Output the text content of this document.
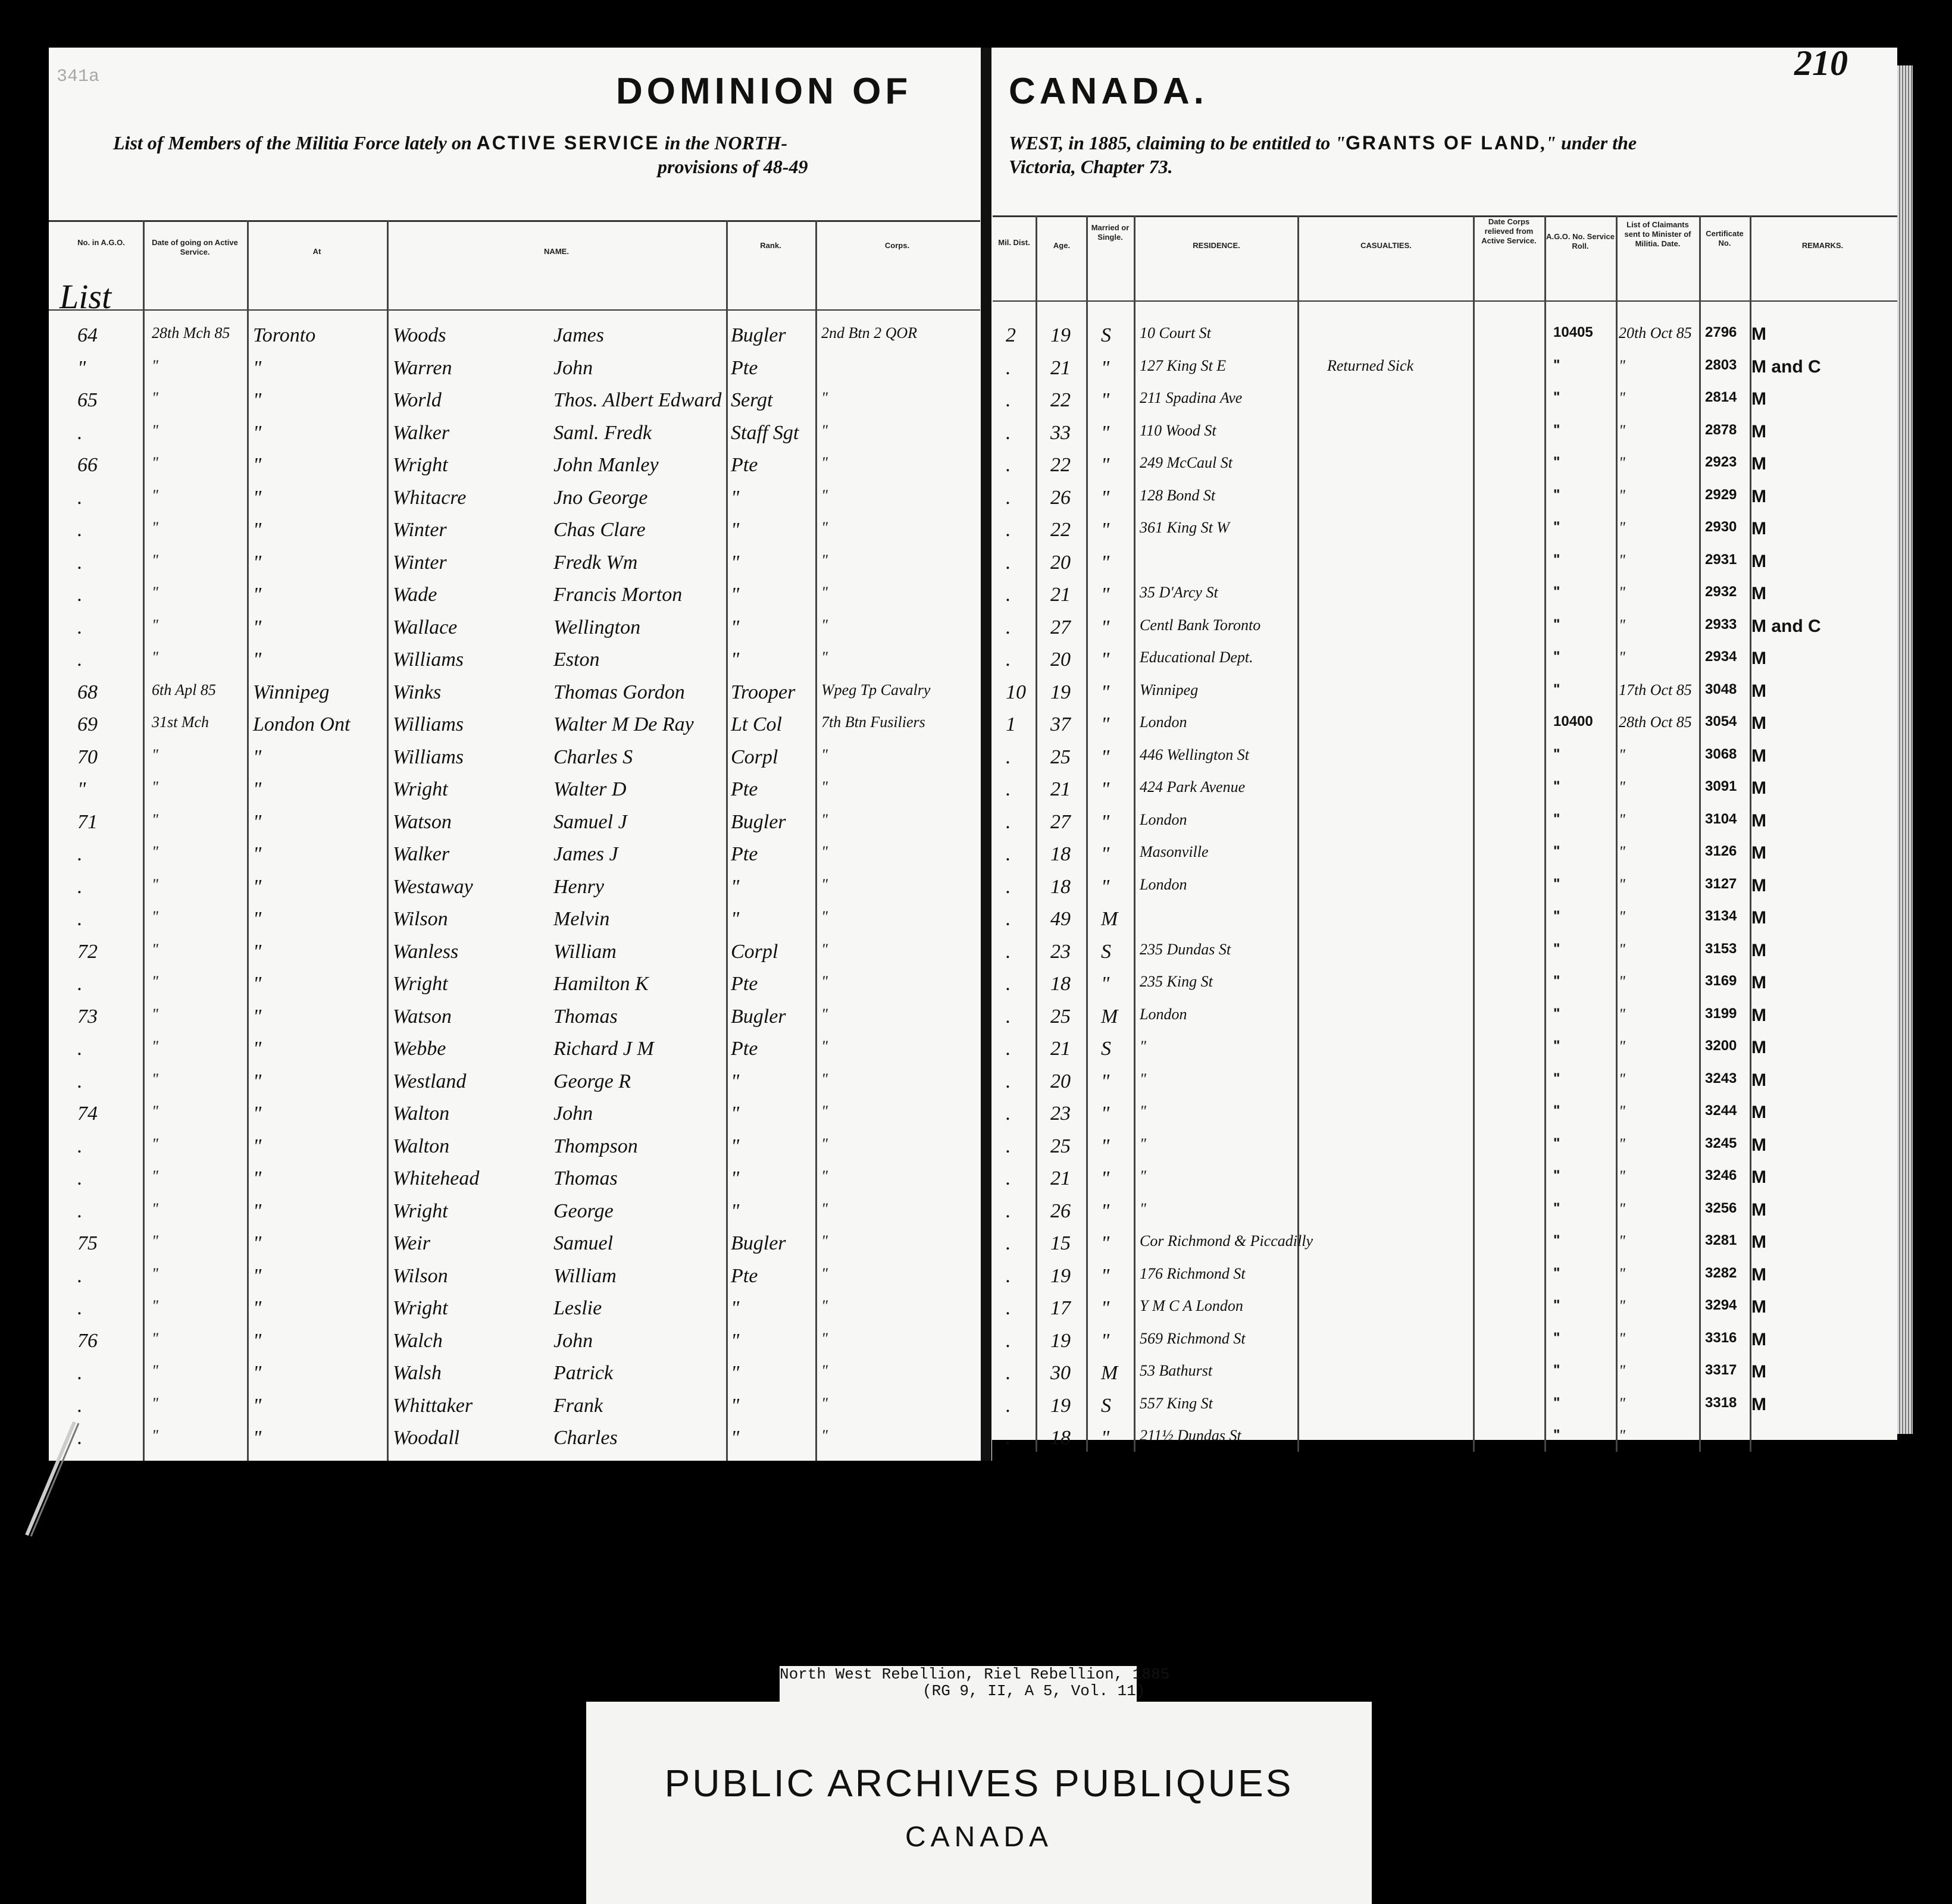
341a	210
DOMINION OF	CANADA.
List of Members of the Militia Force lately on ACTIVE SERVICE in the NORTH-
provisions of 48-49
WEST, in 1885, claiming to be entitled to "GRANTS OF LAND," under the
Victoria, Chapter 73.
No. in A.G.O.	Date of going on Active Service.	At	NAME.
Rank.	Corps.	Mil. Dist.	Age.
Married or Single.
RESIDENCE.	CASUALTIES.
Date Corps relieved from Active Service.	A.G.O. No. Service Roll.
List of Claimants sent to Minister of Militia. Date.
Certificate No.	REMARKS.
List
64	28th Mch 85 Toronto	Woods	James	Bugler 2nd Btn 2 QOR	2 19 S 10 Court St	10405 20th Oct 85 2796 M
"	"	"	Warren	John	Pte	. 21 " 127 King St E	Returned Sick	"	"	2803 M and C
65	"	"	World	Thos. Albert Edward Sergt	"	. 22 " 211 Spadina Ave	"	"	2814 M
.	"	"	Walker	Saml. Fredk	Staff Sgt "	. 33 " 110 Wood St	"	"	2878 M
66	"	"	Wright	John Manley	Pte	"	. 22 " 249 McCaul St	"	"	2923 M
.	"	"	Whitacre	Jno George	"	"	. 26 " 128 Bond St	"	"	2929 M
.	"	"	Winter	Chas Clare	"	"	. 22 " 361 King St W	"	"	2930 M
.	"	"	Winter	Fredk Wm	"	"	. 20 "	"	"	2931 M
.	"	"	Wade	Francis Morton "	"	. 21 " 35 D'Arcy St	"	"	2932 M
.	"	"	Wallace	Wellington	"	"	. 27 " Centl Bank Toronto	"	"	2933 M and C
.	"	"	Williams	Eston	"	"	. 20 " Educational Dept.	"	"	2934 M
68	6th Apl 85 Winnipeg	Winks	Thomas Gordon Trooper Wpeg Tp Cavalry	10 19 " Winnipeg	"	17th Oct 85 3048 M
69	31st Mch London Ont Williams	Walter M De Ray Lt Col	7th Btn Fusiliers	1 37 " London	10400 28th Oct 85 3054 M
70	"	"	Williams	Charles S	Corpl	"	. 25 " 446 Wellington St	"	"	3068 M
"	"	"	Wright	Walter D	Pte	"	. 21 " 424 Park Avenue	"	"	3091 M
71	"	"	Watson	Samuel J	Bugler "	. 27 " London	"	"	3104 M
.	"	"	Walker	James J	Pte	"	. 18 " Masonville	"	"	3126 M
.	"	"	Westaway	Henry	"	"	. 18 " London	"	"	3127 M
.	"	"	Wilson	Melvin	"	"	. 49 M	"	"	3134 M
72	"	"	Wanless	William	Corpl	"	. 23 S 235 Dundas St	"	"	3153 M
.	"	"	Wright	Hamilton K	Pte	"	. 18 " 235 King St	"	"	3169 M
73	"	"	Watson	Thomas	Bugler "	. 25 M London	"	"	3199 M
.	"	"	Webbe	Richard J M	Pte	"	. 21 S "	"	"	3200 M
.	"	"	Westland	George R	"	"	. 20 " "	"	"	3243 M
74	"	"	Walton	John	"	"	. 23 " "	"	"	3244 M
.	"	"	Walton	Thompson	"	"	. 25 " "	"	"	3245 M
.	"	"	Whitehead	Thomas	"	"	. 21 " "	"	"	3246 M
.	"	"	Wright	George	"	"	. 26 " "	"	"	3256 M
75	"	"	Weir	Samuel	Bugler "	. 15 " Cor Richmond & Piccadilly	"	"	3281 M
.	"	"	Wilson	William	Pte	"	. 19 " 176 Richmond St	"	"	3282 M
.	"	"	Wright	Leslie	"	"	. 17 " Y M C A London	"	"	3294 M
76	"	"	Walch	John	"	"	. 19 " 569 Richmond St	"	"	3316 M
.	"	"	Walsh	Patrick	"	"	. 30 M 53 Bathurst	"	"	3317 M
.	"	"	Whittaker	Frank	"	"	. 19 S 557 King St	"	"	3318 M
.	"	"	Woodall	Charles	"	"	. 18 " 211½ Dundas St	"	"
North West Rebellion, Riel Rebellion, 1885
(RG 9, II, A 5, Vol. 11)
PUBLIC ARCHIVES PUBLIQUES
CANADA
